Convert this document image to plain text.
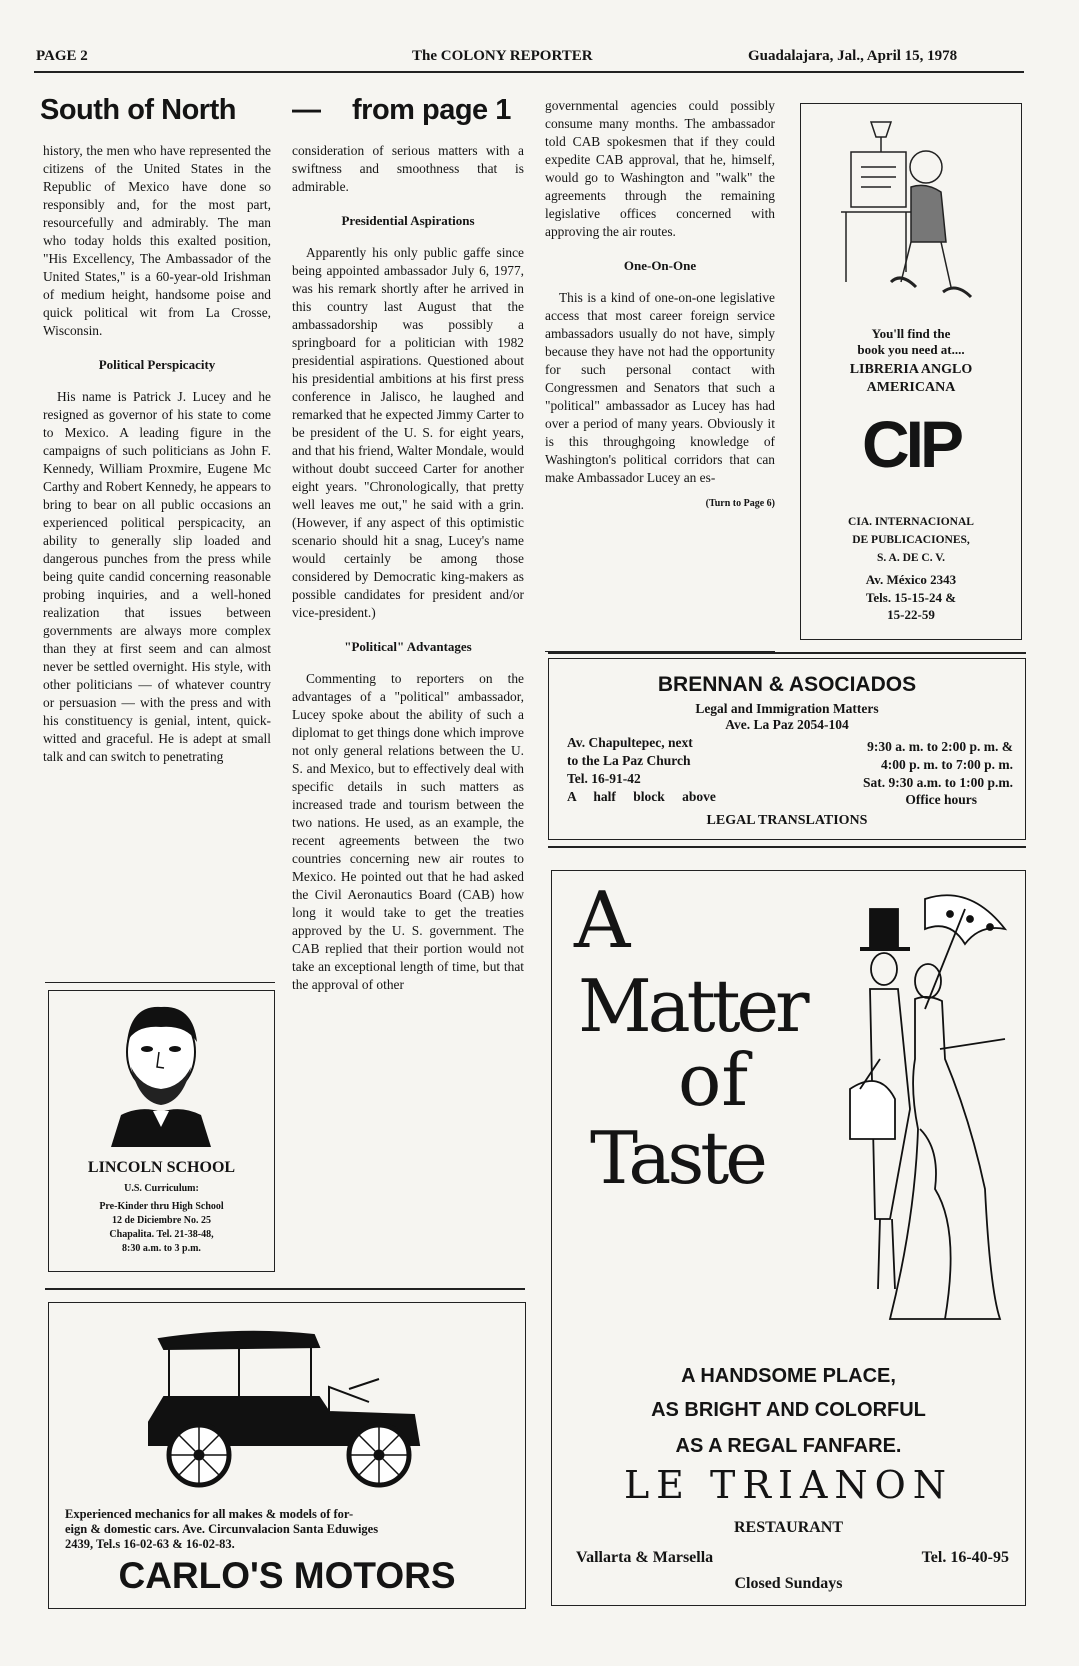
PAGE 2	The COLONY REPORTER	Guadalajara, Jal., April 15, 1978
South of North — from page 1

history, the men who have represented the citizens of the United States in the Republic of Mexico have done so responsibly and, for the most part, resourcefully and admirably. The man who today holds this exalted position, "His Excellency, The Ambassador of the United States," is a 60-year-old Irishman of medium height, handsome poise and quick political wit from La Crosse, Wisconsin.

Political Perspicacity

His name is Patrick J. Lucey and he resigned as governor of his state to come to Mexico. A leading figure in the campaigns of such politicians as John F. Kennedy, William Proxmire, Eugene Mc Carthy and Robert Kennedy, he appears to bring to bear on all public occasions an experienced political perspicacity, an ability to generally slip loaded and dangerous punches from the press while being quite candid concerning reasonable probing inquiries, and a well-honed realization that issues between governments are always more complex than they at first seem and can almost never be settled overnight. His style, with other politicians — of whatever country or persuasion — with the press and with his constituency is genial, intent, quick-witted and graceful. He is adept at small talk and can switch to penetrating

consideration of serious matters with a swiftness and smoothness that is admirable.

Presidential Aspirations

Apparently his only public gaffe since being appointed ambassador July 6, 1977, was his remark shortly after he arrived in this country last August that the ambassadorship was possibly a springboard for a politician with 1982 presidential aspirations. Questioned about his presidential ambitions at his first press conference in Jalisco, he laughed and remarked that he expected Jimmy Carter to be president of the U. S. for eight years, and that his friend, Walter Mondale, would without doubt succeed Carter for another eight years. "Chronologically, that pretty well leaves me out," he said with a grin. (However, if any aspect of this optimistic scenario should hit a snag, Lucey's name would certainly be among those considered by Democratic king-makers as possible candidates for president and/or vice-president.)

"Political" Advantages

Commenting to reporters on the advantages of a "political" ambassador, Lucey spoke about the ability of such a diplomat to get things done which improve not only general relations between the U. S. and Mexico, but to effectively deal with specific details in such matters as increased trade and tourism between the two nations. He used, as an example, the recent agreements between the two countries concerning new air routes to Mexico. He pointed out that he had asked the Civil Aeronautics Board (CAB) how long it would take to get the treaties approved by the U. S. government. The CAB replied that their portion would not take an exceptional length of time, but that the approval of other

governmental agencies could possibly consume many months. The ambassador told CAB spokesmen that if they could expedite CAB approval, that he, himself, would go to Washington and "walk" the agreements through the remaining legislative offices concerned with approving the air routes.

One-On-One

This is a kind of one-on-one legislative access that most career foreign service ambassadors usually do not have, simply because they have not had the opportunity for such personal contact with Congressmen and Senators that such a "political" ambassador as Lucey has had over a period of many years. Obviously it is this throughgoing knowledge of Washington's political corridors that can make Ambassador Lucey an es-

(Turn to Page 6)
You'll find the
book you need at....
LIBRERIA ANGLO
AMERICANA
CIP
CIA. INTERNACIONAL
DE PUBLICACIONES,
S. A. DE C. V.
Av. México 2343
Tels. 15-15-24 &
15-22-59
BRENNAN & ASOCIADOS
Legal and Immigration Matters
Ave. La Paz 2054-104
Av. Chapultepec, next
to the La Paz Church
Tel. 16-91-42
A half block above
9:30 a. m. to 2:00 p. m. &
4:00 p. m. to 7:00 p. m.
Sat. 9:30 a.m. to 1:00 p.m.
Office hours
LEGAL TRANSLATIONS
LINCOLN SCHOOL
U.S. Curriculum:
Pre-Kinder thru High School
12 de Diciembre No. 25
Chapalita. Tel. 21-38-48,
8:30 a.m. to 3 p.m.
Experienced mechanics for all makes & models of for-
eign & domestic cars. Ave. Circunvalacion Santa Eduwiges
2439, Tel.s 16-02-63 & 16-02-83.
CARLO'S MOTORS
A
Matter
of
Taste
A HANDSOME PLACE,
AS BRIGHT AND COLORFUL
AS A REGAL FANFARE.
LE TRIANON
RESTAURANT
Vallarta & Marsella	Tel. 16-40-95
Closed Sundays
